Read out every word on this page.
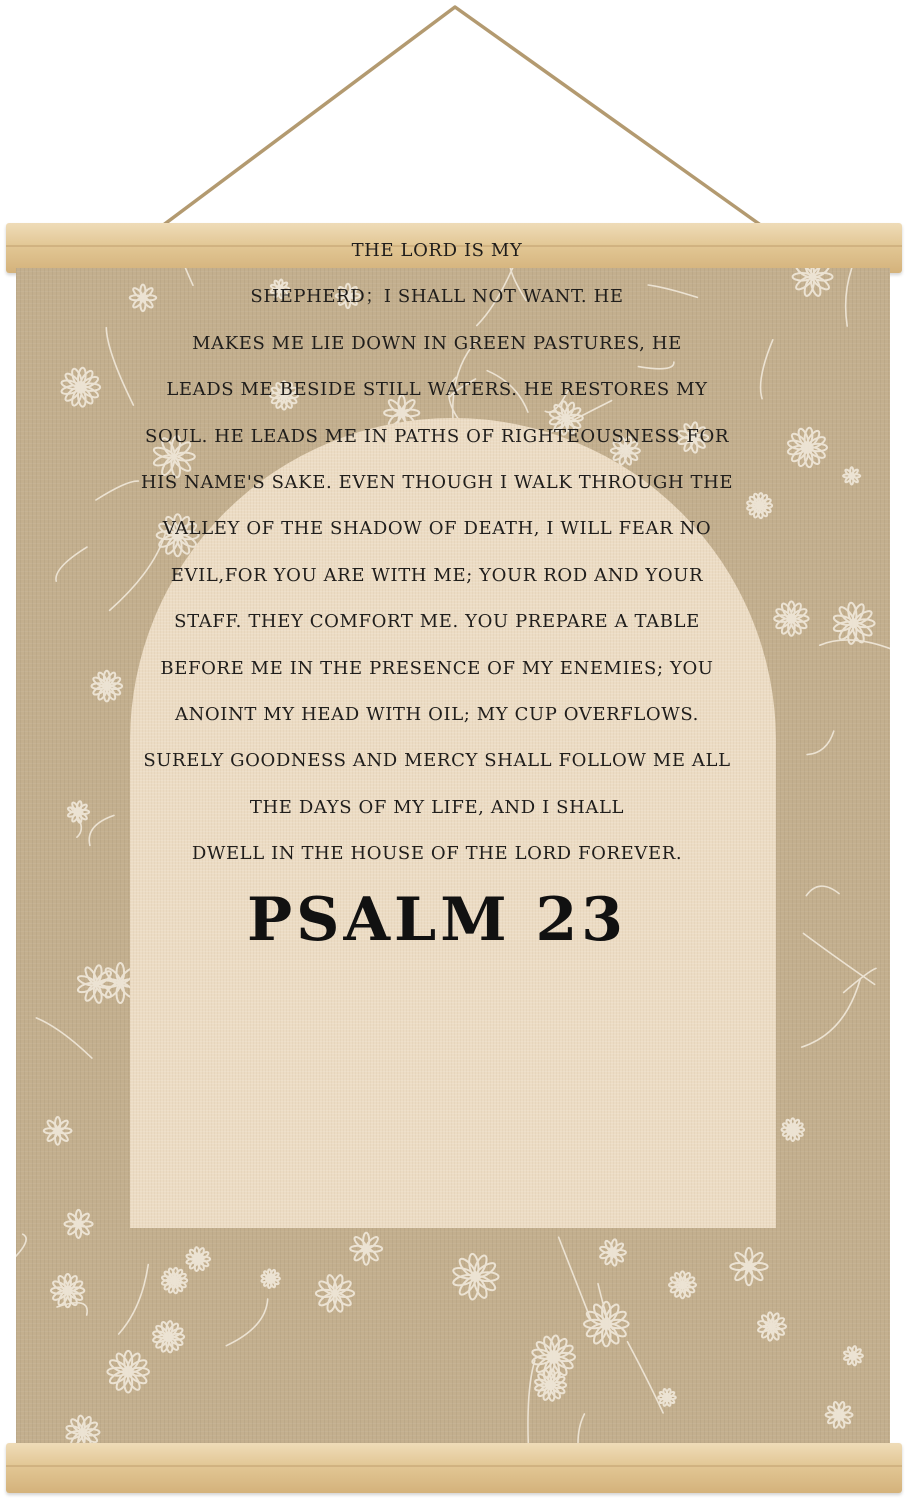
THE LORD IS MY
SHEPHERD；I SHALL NOT WANT. HE
MAKES ME LIE DOWN IN GREEN PASTURES, HE
LEADS ME BESIDE STILL WATERS. HE RESTORES MY
SOUL. HE LEADS ME IN PATHS OF RIGHTEOUSNESS FOR
HIS NAME'S SAKE. EVEN THOUGH I WALK THROUGH THE
VALLEY OF THE SHADOW OF DEATH, I WILL FEAR NO
EVIL,FOR YOU ARE WITH ME; YOUR ROD AND YOUR
STAFF. THEY COMFORT ME. YOU PREPARE A TABLE
BEFORE ME IN THE PRESENCE OF MY ENEMIES; YOU
ANOINT MY HEAD WITH OIL; MY CUP OVERFLOWS.
SURELY GOODNESS AND MERCY SHALL FOLLOW ME ALL
THE DAYS OF MY LIFE, AND I SHALL
DWELL IN THE HOUSE OF THE LORD FOREVER.
PSALM 23
